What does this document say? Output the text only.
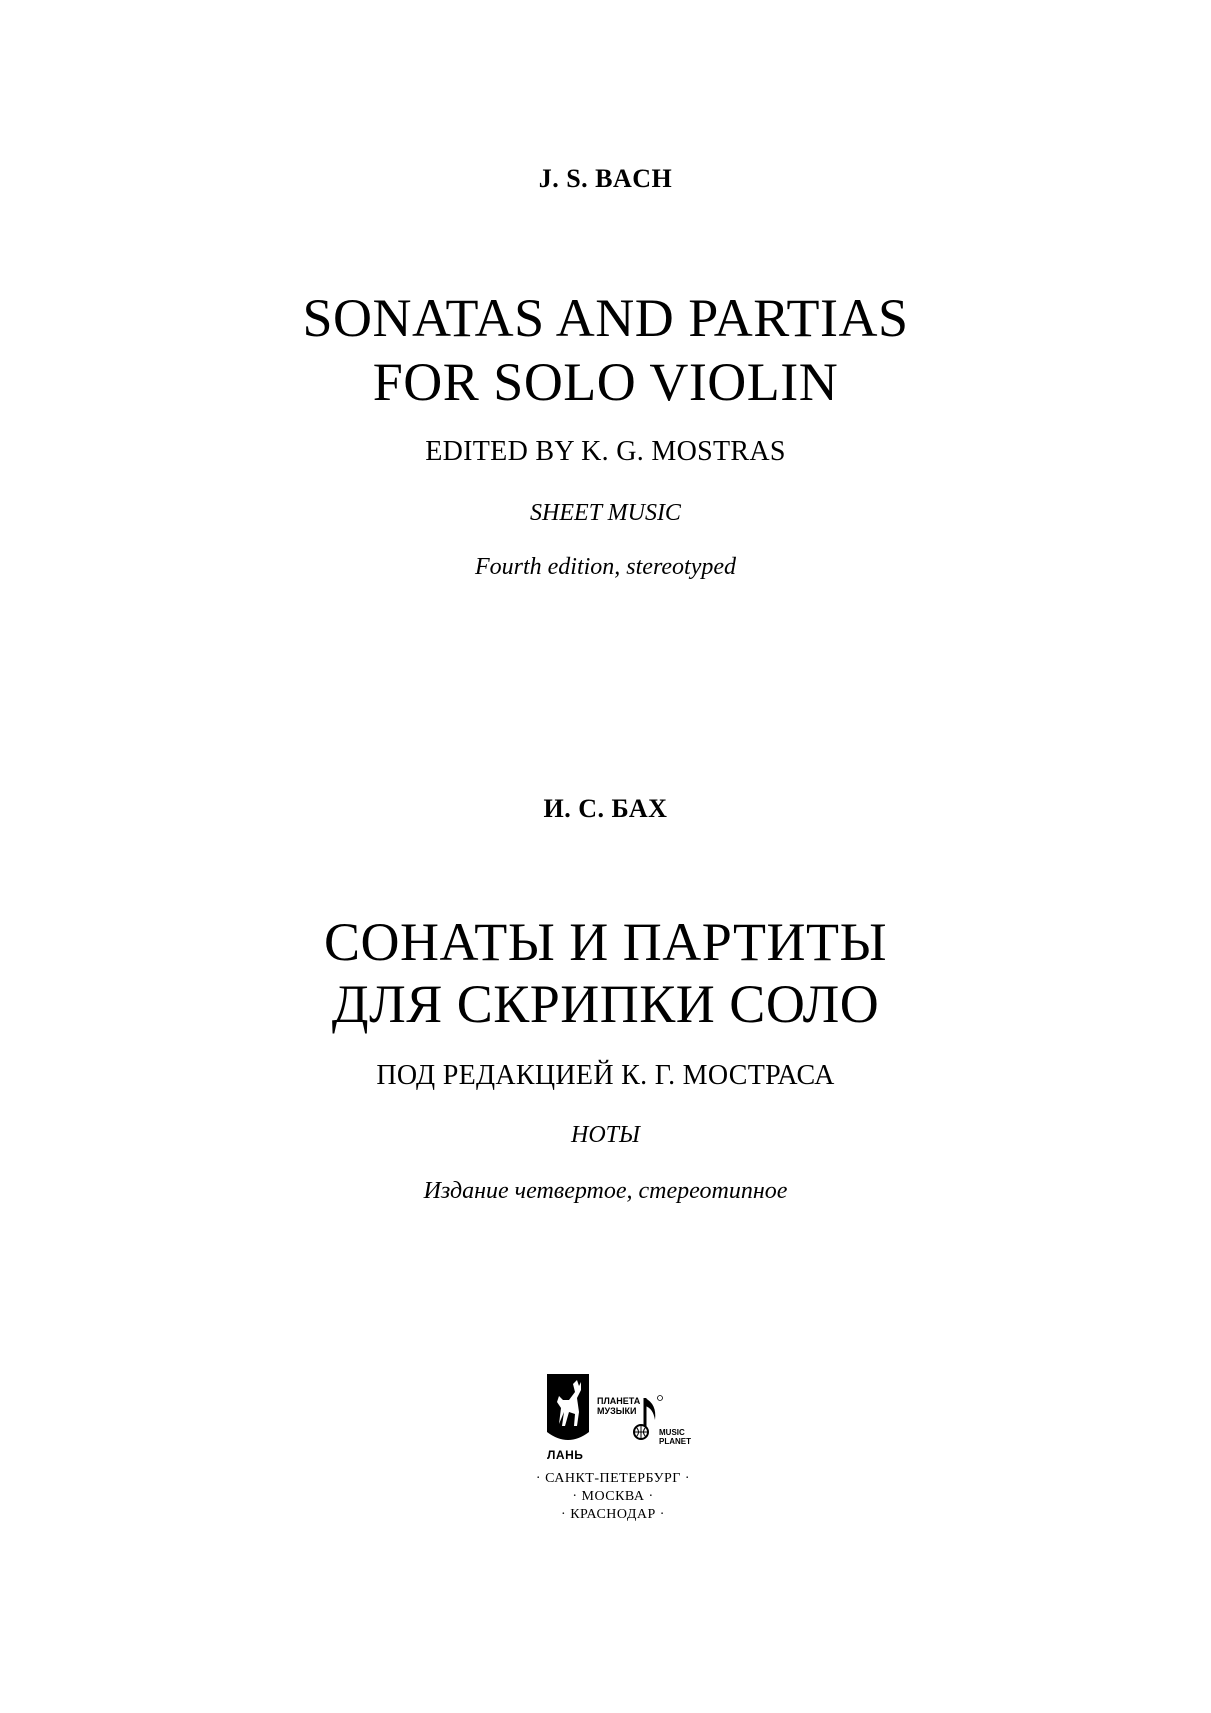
J. S. BACH
SONATAS AND PARTIAS
FOR SOLO VIOLIN
EDITED BY K. G. MOSTRAS
SHEET MUSIC
Fourth edition, stereotyped
И. С. БАХ
СОНАТЫ И ПАРТИТЫ
ДЛЯ СКРИПКИ СОЛО
ПОД РЕДАКЦИЕЙ К. Г. МОСТРАСА
НОТЫ
Издание четвертое, стереотипное
ЛАНЬ
ПЛАНЕТА
МУЗЫКИ
MUSIC
PLANET
· САНКТ-ПЕТЕРБУРГ ·
· МОСКВА ·
· КРАСНОДАР ·
